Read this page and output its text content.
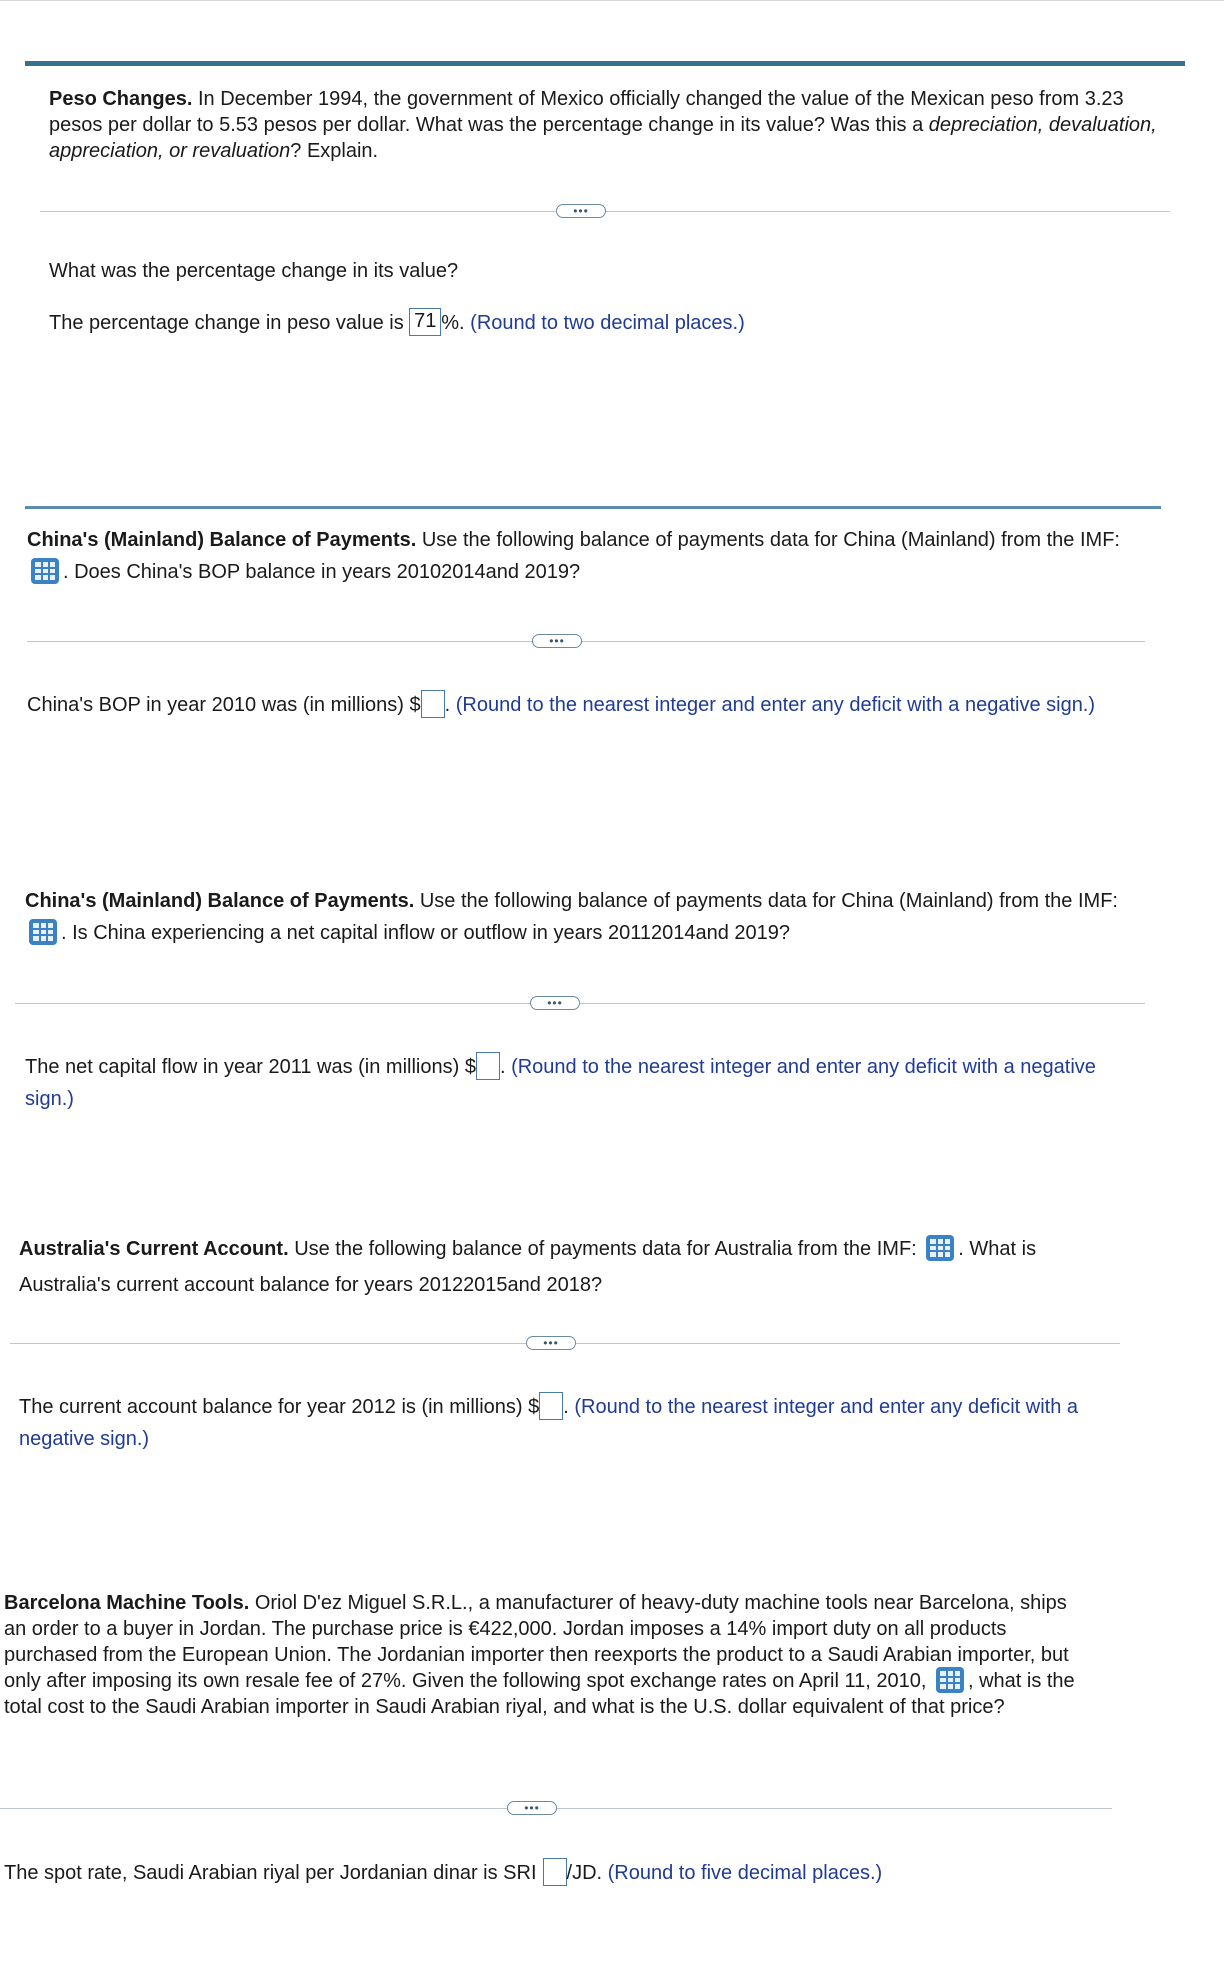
Peso Changes. In December 1994, the government of Mexico officially changed the value of the Mexican peso from 3.23 pesos per dollar to 5.53 pesos per dollar. What was the percentage change in its value? Was this a depreciation, devaluation, appreciation, or revaluation? Explain.
•••
What was the percentage change in its value?
The percentage change in peso value is 71 %. (Round to two decimal places.)
China's (Mainland) Balance of Payments. Use the following balance of payments data for China (Mainland) from the IMF: . Does China's BOP balance in years 20102014and 2019?
•••
China's BOP in year 2010 was (in millions) $ . (Round to the nearest integer and enter any deficit with a negative sign.)
China's (Mainland) Balance of Payments. Use the following balance of payments data for China (Mainland) from the IMF: . Is China experiencing a net capital inflow or outflow in years 20112014and 2019?
•••
The net capital flow in year 2011 was (in millions) $ . (Round to the nearest integer and enter any deficit with a negative sign.)
Australia's Current Account. Use the following balance of payments data for Australia from the IMF: . What is Australia's current account balance for years 20122015and 2018?
•••
The current account balance for year 2012 is (in millions) $ . (Round to the nearest integer and enter any deficit with a negative sign.)
Barcelona Machine Tools. Oriol D'ez Miguel S.R.L., a manufacturer of heavy-duty machine tools near Barcelona, ships an order to a buyer in Jordan. The purchase price is €422,000. Jordan imposes a 14% import duty on all products purchased from the European Union. The Jordanian importer then reexports the product to a Saudi Arabian importer, but only after imposing its own resale fee of 27%. Given the following spot exchange rates on April 11, 2010, , what is the total cost to the Saudi Arabian importer in Saudi Arabian riyal, and what is the U.S. dollar equivalent of that price?
•••
The spot rate, Saudi Arabian riyal per Jordanian dinar is SRI /JD. (Round to five decimal places.)
